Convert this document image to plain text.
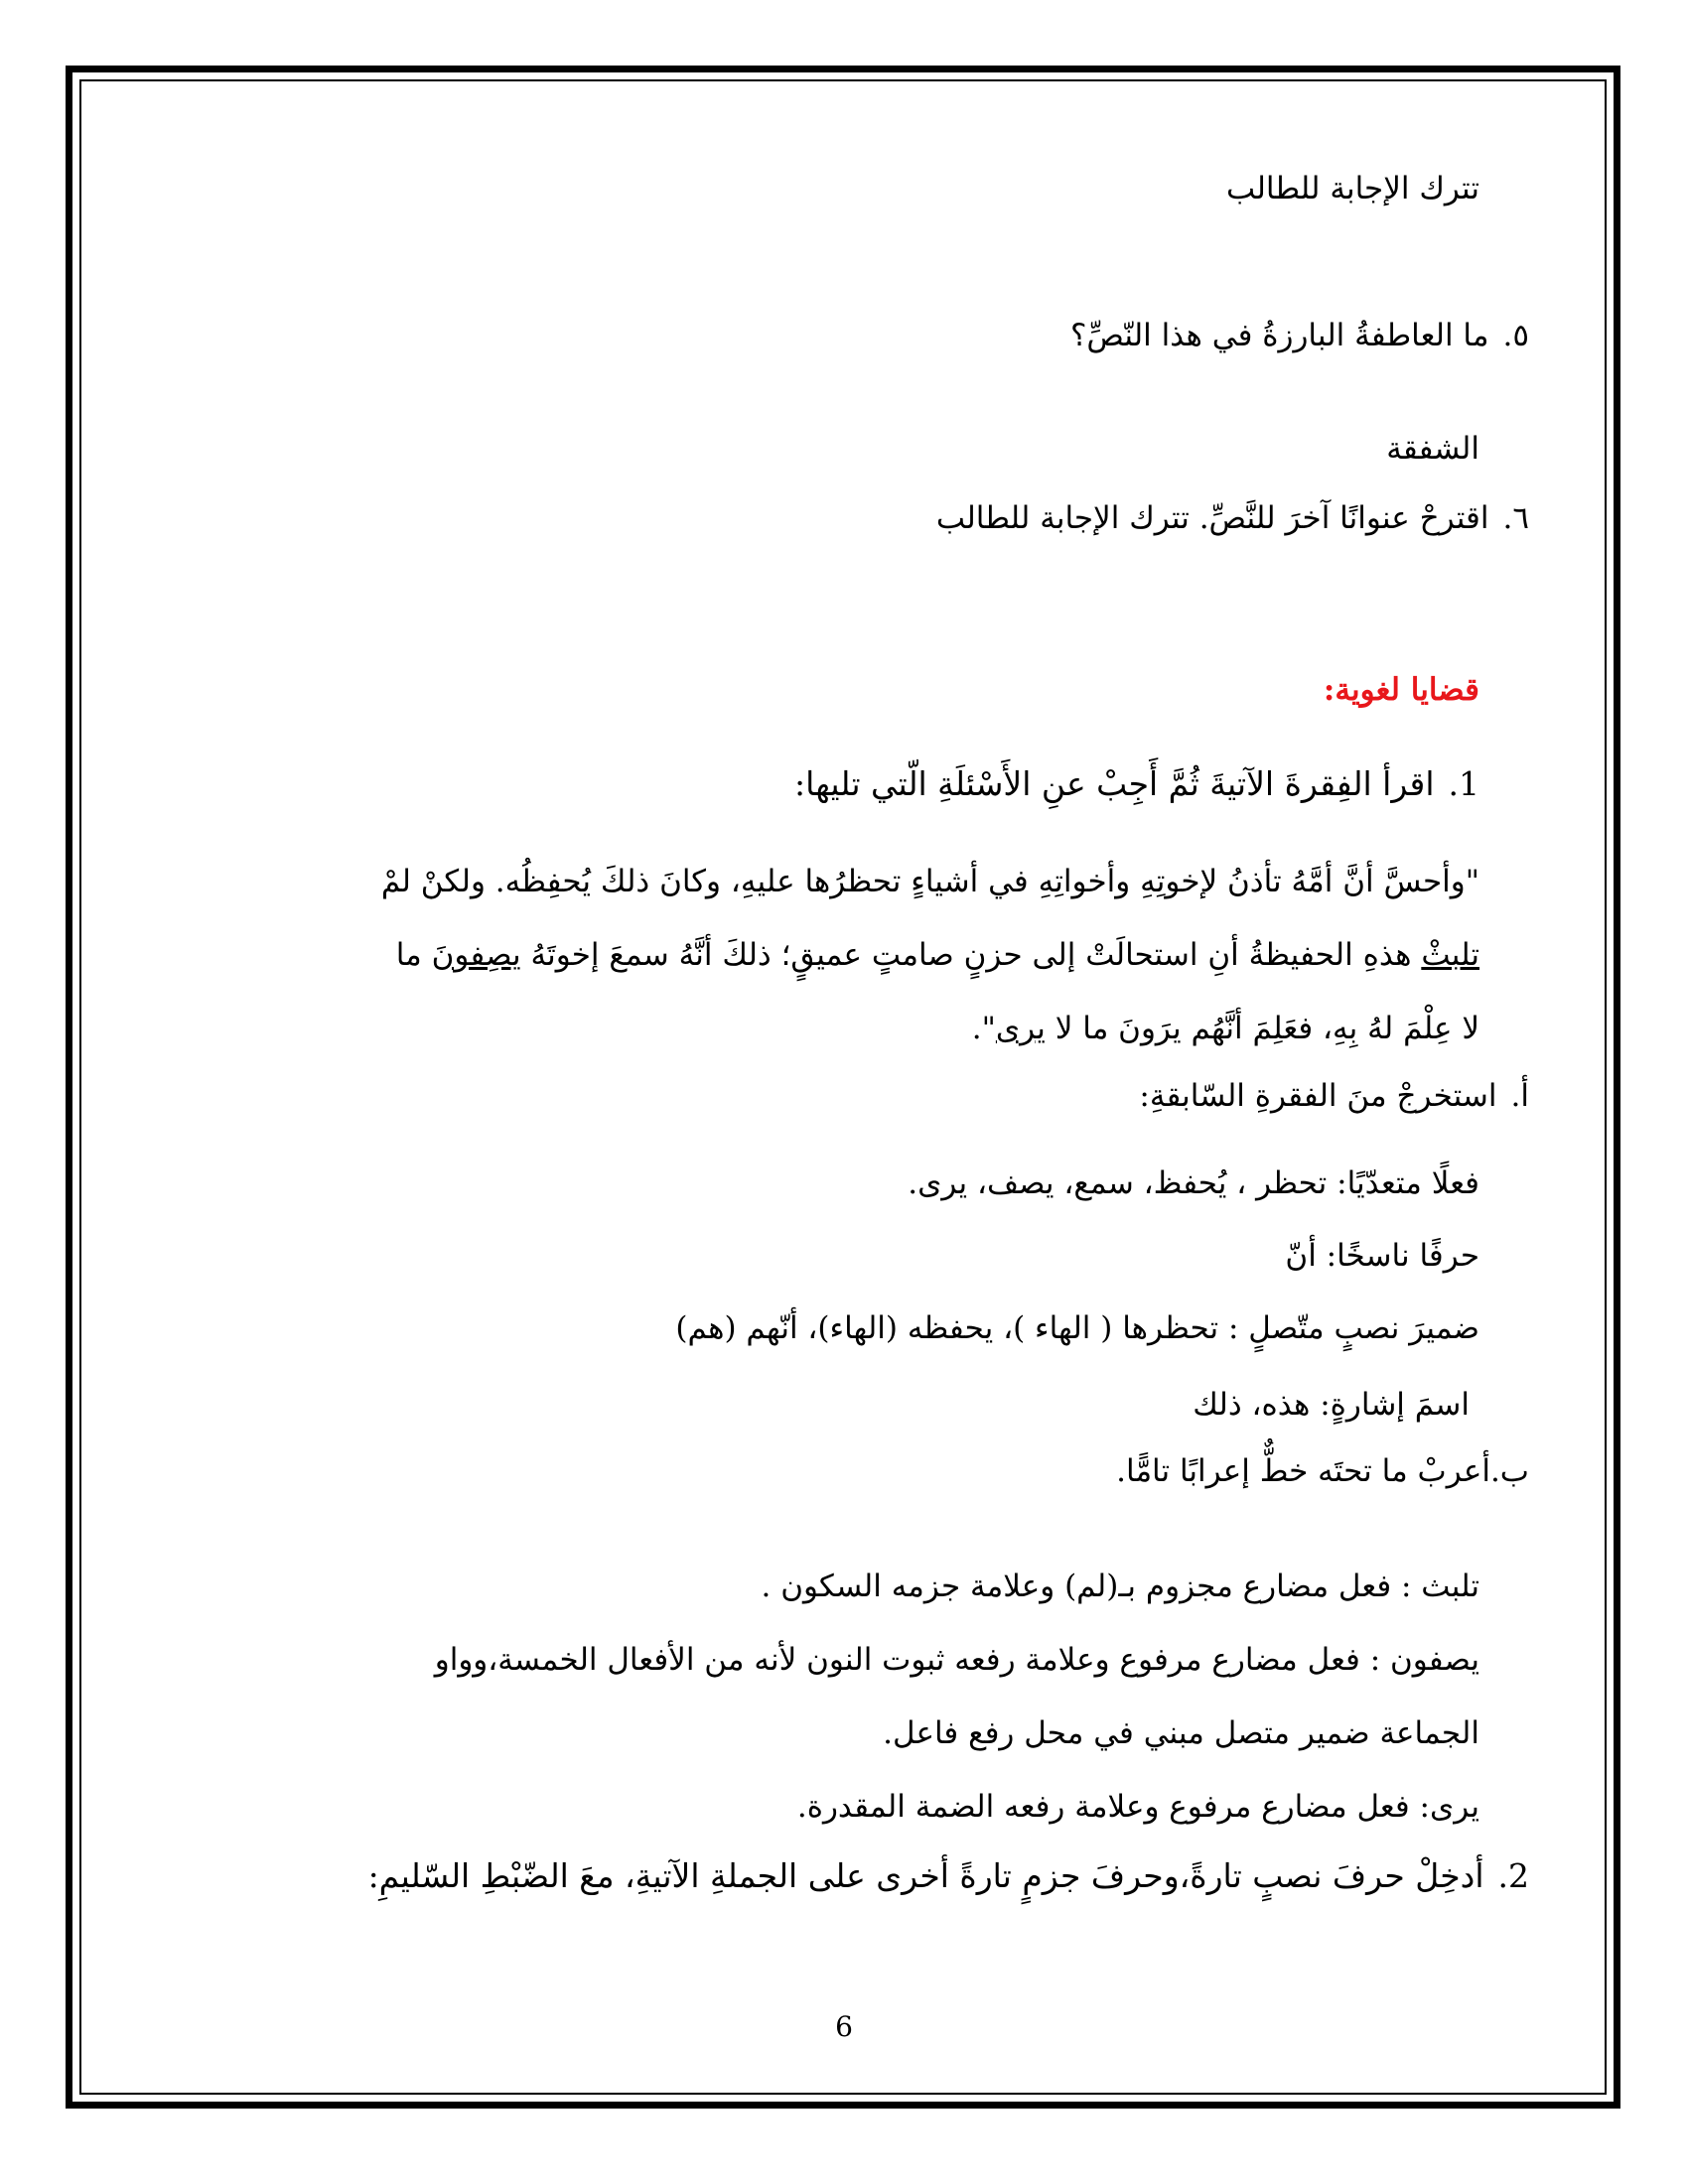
تترك الإجابة للطالب
٥.ما العاطفةُ البارزةُ في هذا النّصِّ؟
الشفقة
٦.اقترحْ عنوانًا آخرَ للنَّصِّ. تترك الإجابة للطالب
قضايا لغوية:
1.اقرأ الفِقرةَ الآتيةَ ثُمَّ أَجِبْ عنِ الأَسْئلَةِ الّتي تليها:
"وأحسَّ أنَّ أمَّهُ تأذنُ لإخوتِهِ وأخواتِهِ في أشياءٍ تحظرُها عليهِ، وكانَ ذلكَ يُحفِظُه. ولكنْ لمْ
تلبثْ هذهِ الحفيظةُ أنِ استحالَتْ إلى حزنٍ صامتٍ عميقٍ؛ ذلكَ أنَّهُ سمعَ إخوتَهُ يصِفونَ ما
لا عِلْمَ لهُ بِهِ، فعَلِمَ أنَّهُم يرَونَ ما لا يرى".
أ.استخرجْ منَ الفقرةِ السّابقةِ:
فعلًا متعدّيًا: تحظر ، يُحفظ، سمع، يصف، يرى.
حرفًا ناسخًا: أنّ
ضميرَ نصبٍ متّصلٍ : تحظرها ( الهاء )، يحفظه (الهاء)، أنّهم (هم)
اسمَ إشارةٍ: هذه، ذلك
ب.أعربْ ما تحتَه خطٌّ إعرابًا تامًّا.
تلبث : فعل مضارع مجزوم بـ(لم) وعلامة جزمه السكون .
يصفون : فعل مضارع مرفوع وعلامة رفعه ثبوت النون لأنه من الأفعال الخمسة،وواو
الجماعة ضمير متصل مبني في محل رفع فاعل.
يرى: فعل مضارع مرفوع وعلامة رفعه الضمة المقدرة.
2.أدخِلْ حرفَ نصبٍ تارةً،وحرفَ جزمٍ تارةً أخرى على الجملةِ الآتيةِ، معَ الضّبْطِ السّليمِ:
6
